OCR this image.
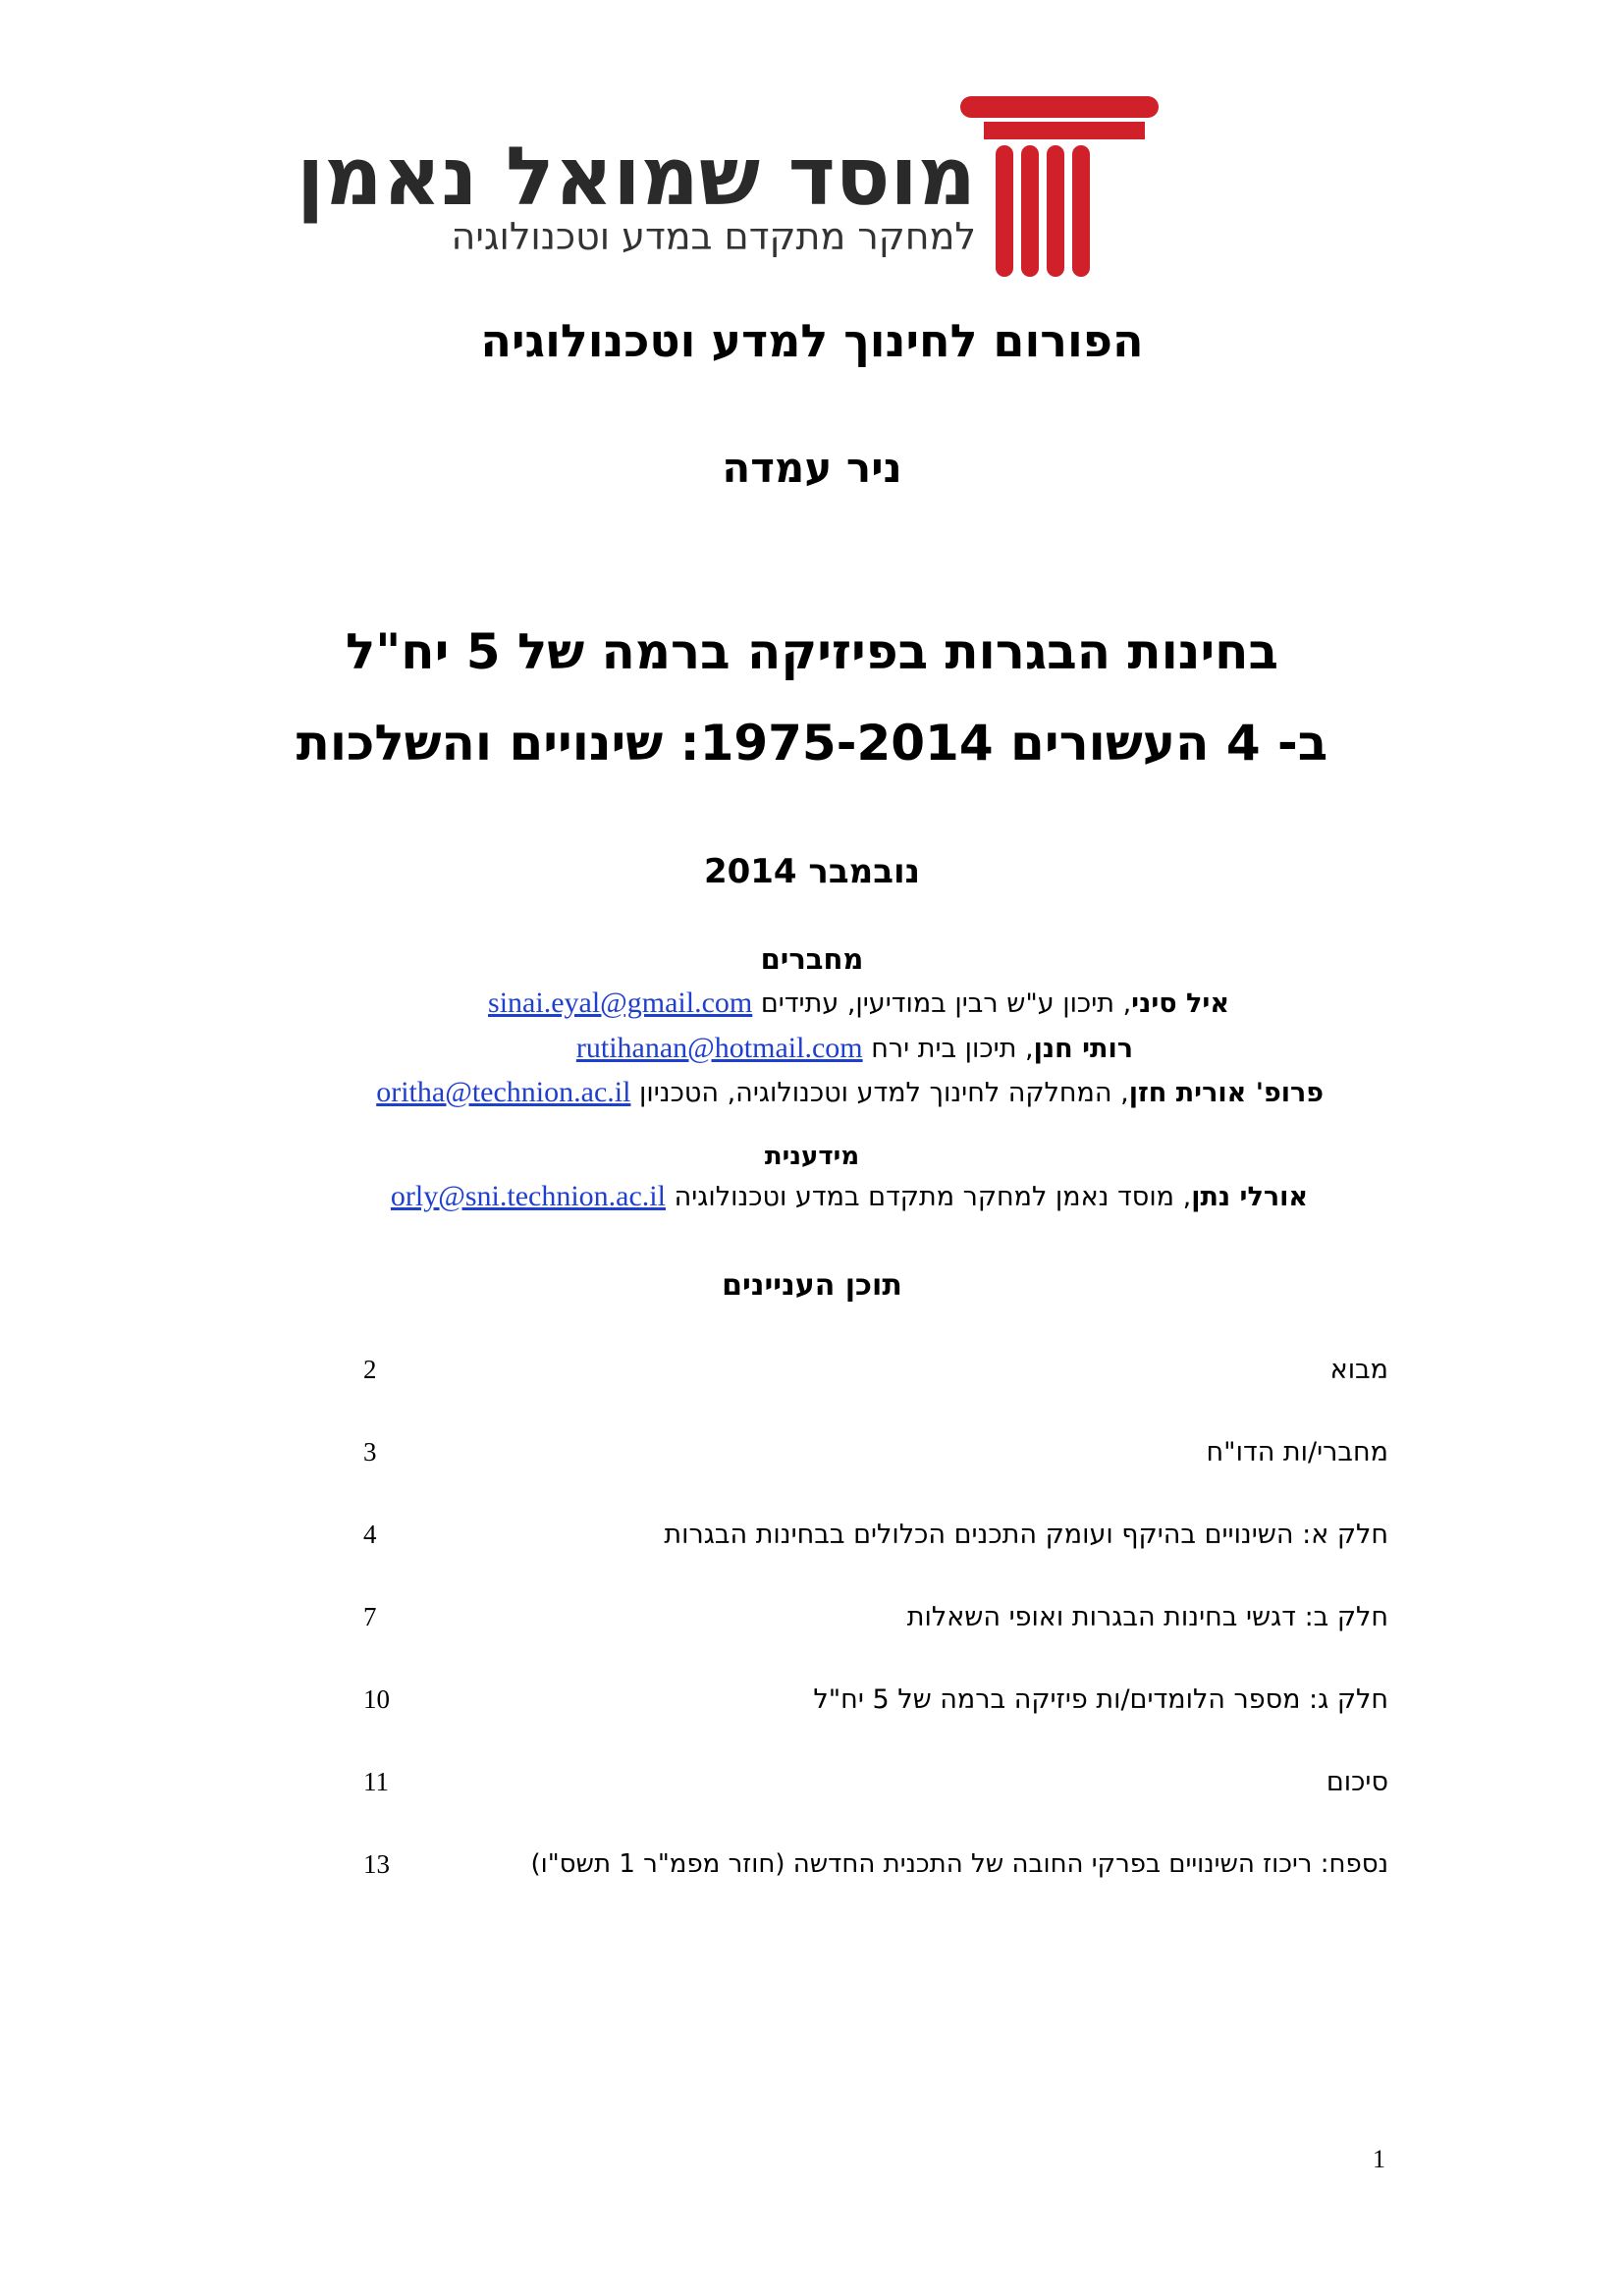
מוסד שמואל נאמן
למחקר מתקדם במדע וטכנולוגיה
הפורום לחינוך למדע וטכנולוגיה
ניר עמדה
בחינות הבגרות בפיזיקה ברמה של 5 יח"ל
ב- 4 העשורים 1975-2014: שינויים והשלכות
נובמבר 2014
מחברים
איל סיני, תיכון ע"ש רבין במודיעין, עתידים sinai.eyal@gmail.com
רותי חנן, תיכון בית ירח rutihanan@hotmail.com
פרופ' אורית חזן, המחלקה לחינוך למדע וטכנולוגיה, הטכניון oritha@technion.ac.il
מידענית
אורלי נתן, מוסד נאמן למחקר מתקדם במדע וטכנולוגיה orly@sni.technion.ac.il
תוכן העניינים
מבוא
2
מחברי/ות הדו"ח
3
חלק א: השינויים בהיקף ועומק התכנים הכלולים בבחינות הבגרות
4
חלק ב: דגשי בחינות הבגרות ואופי השאלות
7
חלק ג: מספר הלומדים/ות פיזיקה ברמה של 5 יח"ל
10
סיכום
11
נספח: ריכוז השינויים בפרקי החובה של התכנית החדשה (חוזר מפמ"ר 1 תשס"ו)
13
1
